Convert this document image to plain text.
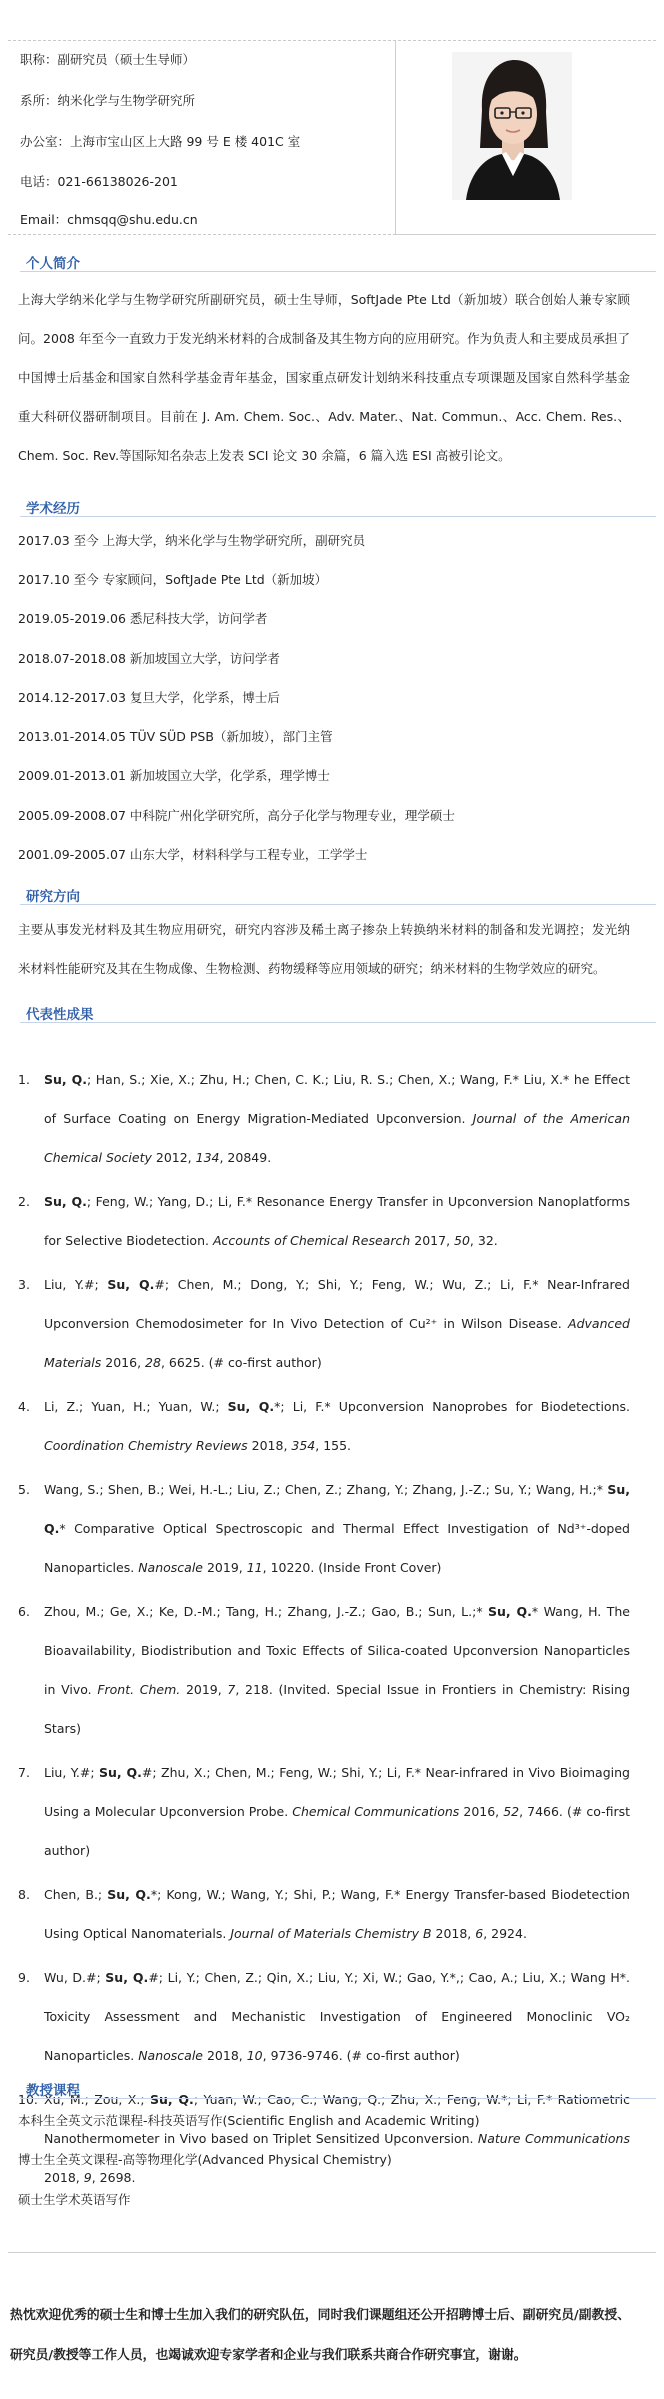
职称：副研究员（硕士生导师）
系所：纳米化学与生物学研究所
办公室：上海市宝山区上大路 99 号 E 楼 401C 室
电话：021-66138026-201
Email：chmsqq@shu.edu.cn
个人简介
上海大学纳米化学与生物学研究所副研究员，硕士生导师，SoftJade Pte Ltd（新加坡）联合创始人兼专家顾问。2008 年至今一直致力于发光纳米材料的合成制备及其生物方向的应用研究。作为负责人和主要成员承担了中国博士后基金和国家自然科学基金青年基金，国家重点研发计划纳米科技重点专项课题及国家自然科学基金重大科研仪器研制项目。目前在 J. Am. Chem. Soc.、Adv. Mater.、Nat. Commun.、Acc. Chem. Res.、Chem. Soc. Rev.等国际知名杂志上发表 SCI 论文 30 余篇，6 篇入选 ESI 高被引论文。
学术经历
2017.03 至今 上海大学，纳米化学与生物学研究所，副研究员
2017.10 至今 专家顾问，SoftJade Pte Ltd（新加坡）
2019.05-2019.06 悉尼科技大学，访问学者
2018.07-2018.08 新加坡国立大学，访问学者
2014.12-2017.03 复旦大学，化学系，博士后
2013.01-2014.05 TÜV SÜD PSB（新加坡），部门主管
2009.01-2013.01 新加坡国立大学，化学系，理学博士
2005.09-2008.07 中科院广州化学研究所，高分子化学与物理专业，理学硕士
2001.09-2005.07 山东大学，材料科学与工程专业，工学学士
研究方向
主要从事发光材料及其生物应用研究，研究内容涉及稀土离子掺杂上转换纳米材料的制备和发光调控；发光纳米材料性能研究及其在生物成像、生物检测、药物缓释等应用领域的研究；纳米材料的生物学效应的研究。
代表性成果
1. Su, Q.; Han, S.; Xie, X.; Zhu, H.; Chen, C. K.; Liu, R. S.; Chen, X.; Wang, F.* Liu, X.* he Effect of Surface Coating on Energy Migration-Mediated Upconversion. Journal of the American Chemical Society 2012, 134, 20849.
2. Su, Q.; Feng, W.; Yang, D.; Li, F.* Resonance Energy Transfer in Upconversion Nanoplatforms for Selective Biodetection. Accounts of Chemical Research 2017, 50, 32.
3. Liu, Y.#; Su, Q.#; Chen, M.; Dong, Y.; Shi, Y.; Feng, W.; Wu, Z.; Li, F.* Near-Infrared Upconversion Chemodosimeter for In Vivo Detection of Cu²⁺ in Wilson Disease. Advanced Materials 2016, 28, 6625. (# co-first author)
4. Li, Z.; Yuan, H.; Yuan, W.; Su, Q.*; Li, F.* Upconversion Nanoprobes for Biodetections. Coordination Chemistry Reviews 2018, 354, 155.
5. Wang, S.; Shen, B.; Wei, H.-L.; Liu, Z.; Chen, Z.; Zhang, Y.; Zhang, J.-Z.; Su, Y.; Wang, H.;* Su, Q.* Comparative Optical Spectroscopic and Thermal Effect Investigation of Nd³⁺-doped Nanoparticles. Nanoscale 2019, 11, 10220. (Inside Front Cover)
6. Zhou, M.; Ge, X.; Ke, D.-M.; Tang, H.; Zhang, J.-Z.; Gao, B.; Sun, L.;* Su, Q.* Wang, H. The Bioavailability, Biodistribution and Toxic Effects of Silica-coated Upconversion Nanoparticles in Vivo. Front. Chem. 2019, 7, 218. (Invited. Special Issue in Frontiers in Chemistry: Rising Stars)
7. Liu, Y.#; Su, Q.#; Zhu, X.; Chen, M.; Feng, W.; Shi, Y.; Li, F.* Near-infrared in Vivo Bioimaging Using a Molecular Upconversion Probe. Chemical Communications 2016, 52, 7466. (# co-first author)
8. Chen, B.; Su, Q.*; Kong, W.; Wang, Y.; Shi, P.; Wang, F.* Energy Transfer-based Biodetection Using Optical Nanomaterials. Journal of Materials Chemistry B 2018, 6, 2924.
9. Wu, D.#; Su, Q.#; Li, Y.; Chen, Z.; Qin, X.; Liu, Y.; Xi, W.; Gao, Y.*,; Cao, A.; Liu, X.; Wang H*. Toxicity Assessment and Mechanistic Investigation of Engineered Monoclinic VO₂ Nanoparticles. Nanoscale 2018, 10, 9736-9746. (# co-first author)
10. Xu, M.; Zou, X.; Su, Q.; Yuan, W.; Cao, C.; Wang, Q.; Zhu, X.; Feng, W.*; Li, F.* Ratiometric Nanothermometer in Vivo based on Triplet Sensitized Upconversion. Nature Communications 2018, 9, 2698.
教授课程
本科生全英文示范课程-科技英语写作(Scientific English and Academic Writing)
博士生全英文课程-高等物理化学(Advanced Physical Chemistry)
硕士生学术英语写作
热忱欢迎优秀的硕士生和博士生加入我们的研究队伍，同时我们课题组还公开招聘博士后、副研究员/副教授、研究员/教授等工作人员，也竭诚欢迎专家学者和企业与我们联系共商合作研究事宜，谢谢。
